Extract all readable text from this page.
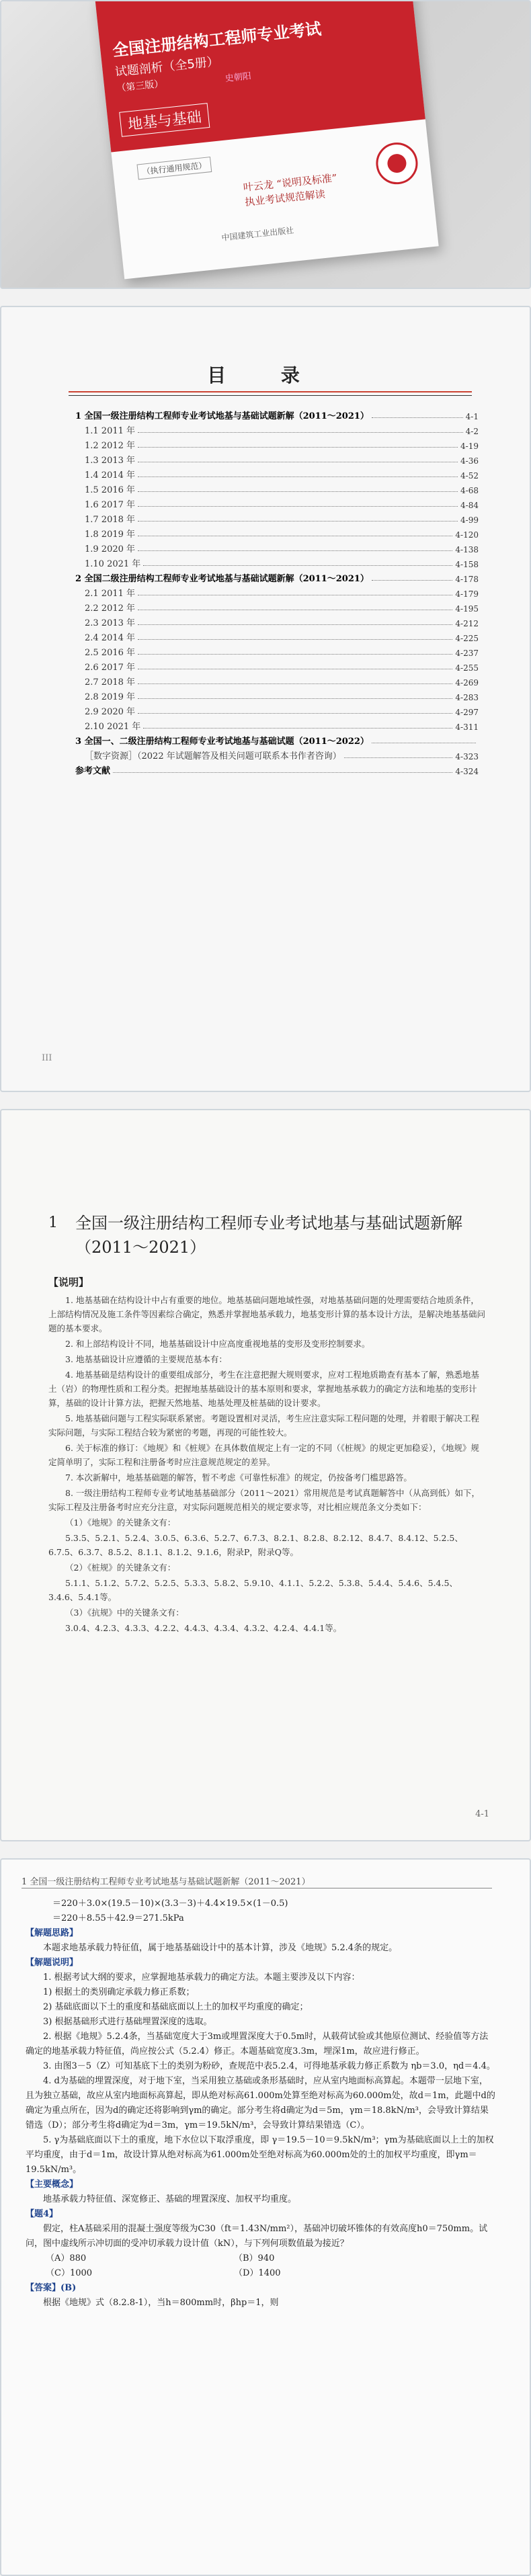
全国注册结构工程师专业考试
试题剖析（全5册）
（第三版）
史朝阳
地基与基础
（执行通用规范）
叶云龙 “说明及标准”
执业考试规范解读
中国建筑工业出版社
目 录
1 全国一级注册结构工程师专业考试地基与基础试题新解（2011～2021）	4-1
1.1 2011 年	4-2
1.2 2012 年	4-19
1.3 2013 年	4-36
1.4 2014 年	4-52
1.5 2016 年	4-68
1.6 2017 年	4-84
1.7 2018 年	4-99
1.8 2019 年	4-120
1.9 2020 年	4-138
1.10 2021 年	4-158
2 全国二级注册结构工程师专业考试地基与基础试题新解（2011～2021）	4-178
2.1 2011 年	4-179
2.2 2012 年	4-195
2.3 2013 年	4-212
2.4 2014 年	4-225
2.5 2016 年	4-237
2.6 2017 年	4-255
2.7 2018 年	4-269
2.8 2019 年	4-283
2.9 2020 年	4-297
2.10 2021 年	4-311
3 全国一、二级注册结构工程师专业考试地基与基础试题（2011～2022）
［数字资源］（2022 年试题解答及相关问题可联系本书作者咨询）	4-323
参考文献	4-324
III
1 全国一级注册结构工程师专业考试地基与基础试题新解（2011～2021）
【说明】

1. 地基基础在结构设计中占有重要的地位。地基基础问题地域性强，对地基基础问题的处理需要结合地质条件，上部结构情况及施工条件等因素综合确定，熟悉并掌握地基承载力，地基变形计算的基本设计方法，是解决地基基础问题的基本要求。

2. 和上部结构设计不同，地基基础设计中应高度重视地基的变形及变形控制要求。

3. 地基基础设计应遵循的主要规范基本有：

4. 地基基础是结构设计的重要组成部分，考生在注意把握大规则要求，应对工程地质勘查有基本了解，熟悉地基土（岩）的物理性质和工程分类。把握地基基础设计的基本原则和要求，掌握地基承载力的确定方法和地基的变形计算，基础的设计计算方法，把握天然地基、地基处理及桩基础的设计要求。

5. 地基基础问题与工程实际联系紧密。考题设置相对灵活，考生应注意实际工程问题的处理，并着眼于解决工程实际问题，与实际工程结合较为紧密的考题，再现的可能性较大。

6. 关于标准的修订：《地规》和《桩规》在具体数值规定上有一定的不同（《桩规》的规定更加稳妥），《地规》规定简单明了，实际工程和注册备考时应注意规范规定的差异。

7. 本次新解中，地基基础题的解答，暂不考虑《可靠性标准》的规定，仍按备考门槛思路答。

8. 一级注册结构工程师专业考试地基基础部分（2011～2021）常用规范是考试真题解答中（从高到低）如下，实际工程及注册备考时应充分注意，对实际问题规范相关的规定要求等，对比相应规范条文分类如下：

（1）《地规》的关键条文有：

5.3.5、5.2.1、5.2.4、3.0.5、6.3.6、5.2.7、6.7.3、8.2.1、8.2.8、8.2.12、8.4.7、8.4.12、5.2.5、6.7.5、6.3.7、8.5.2、8.1.1、8.1.2、9.1.6，附录P，附录Q等。

（2）《桩规》的关键条文有：

5.1.1、5.1.2、5.7.2、5.2.5、5.3.3、5.8.2、5.9.10、4.1.1、5.2.2、5.3.8、5.4.4、5.4.6、5.4.5、3.4.6、5.4.1等。

（3）《抗规》中的关键条文有：

3.0.4、4.2.3、4.3.3、4.2.2、4.4.3、4.3.4、4.3.2、4.2.4、4.4.1等。

4-1
1 全国一级注册结构工程师专业考试地基与基础试题新解（2011～2021）

＝220＋3.0×(19.5－10)×(3.3－3)＋4.4×19.5×(1－0.5)

＝220＋8.55＋42.9＝271.5kPa

【解题思路】

本题求地基承载力特征值，属于地基基础设计中的基本计算，涉及《地规》5.2.4条的规定。

【解题说明】

1. 根据考试大纲的要求，应掌握地基承载力的确定方法。本题主要涉及以下内容：

1) 根据土的类别确定承载力修正系数；

2) 基础底面以下土的重度和基础底面以上土的加权平均重度的确定；

3) 根据基础形式进行基础埋置深度的选取。

2. 根据《地规》5.2.4条，当基础宽度大于3m或埋置深度大于0.5m时，从载荷试验或其他原位测试、经验值等方法确定的地基承载力特征值，尚应按公式（5.2.4）修正。本题基础宽度3.3m，埋深1m，故应进行修正。

3. 由图3－5（Z）可知基底下土的类别为粉砂，查规范中表5.2.4，可得地基承载力修正系数为 ηb＝3.0，ηd＝4.4。

4. d为基础的埋置深度，对于地下室，当采用独立基础或条形基础时，应从室内地面标高算起。本题带一层地下室，且为独立基础，故应从室内地面标高算起，即从绝对标高61.000m处算至绝对标高为60.000m处，故d＝1m，此题中d的确定为重点所在，因为d的确定还将影响到γm的确定。部分考生将d确定为d＝5m，γm＝18.8kN/m³，会导致计算结果错选（D）；部分考生将d确定为d＝3m，γm＝19.5kN/m³，会导致计算结果错选（C）。

5. γ为基础底面以下土的重度，地下水位以下取浮重度，即 γ＝19.5－10＝9.5kN/m³；γm为基础底面以上土的加权平均重度，由于d＝1m，故设计算从绝对标高为61.000m处至绝对标高为60.000m处的土的加权平均重度，即γm＝19.5kN/m³。

【主要概念】

地基承载力特征值、深宽修正、基础的埋置深度、加权平均重度。

【题4】

假定，柱A基础采用的混凝土强度等级为C30（ft＝1.43N/mm²），基础冲切破坏锥体的有效高度h0＝750mm。试问，图中虚线所示冲切面的受冲切承载力设计值（kN），与下列何项数值最为接近？

（A）880	（B）940
（C）1000	（D）1400

【答案】(B)

根据《地规》式（8.2.8-1），当h＝800mm时，βhp＝1，则
